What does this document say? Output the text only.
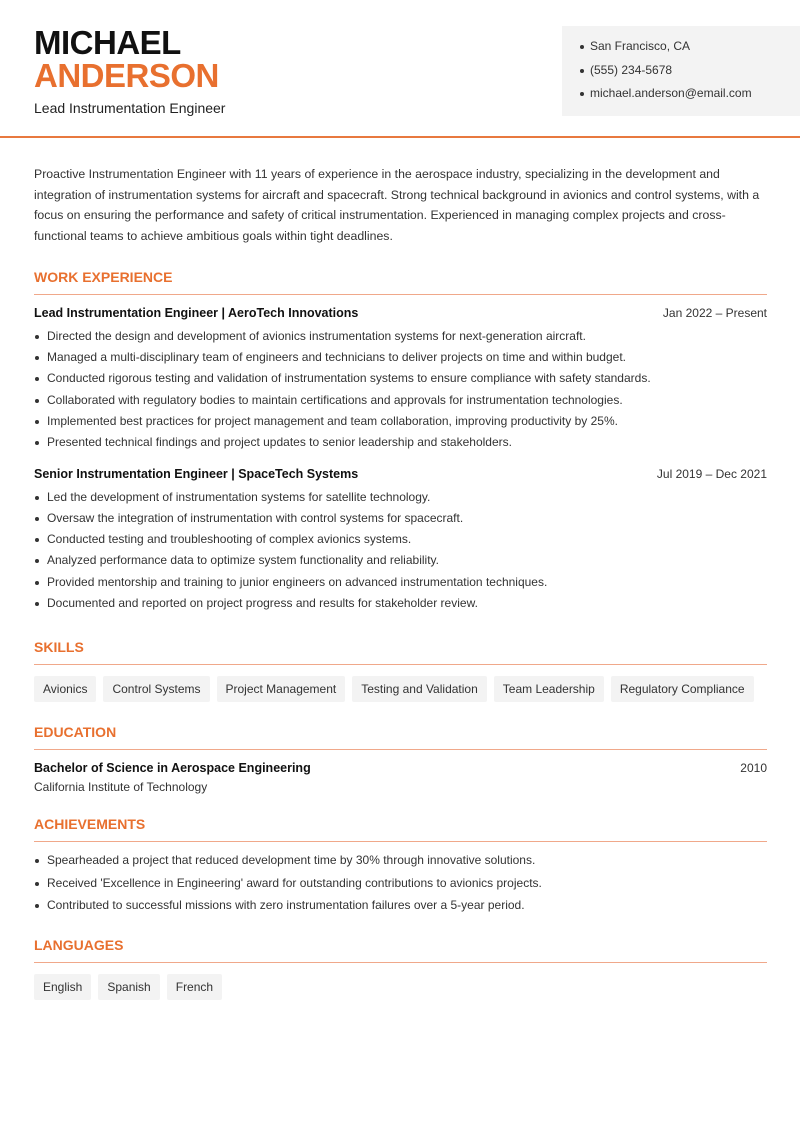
MICHAEL
ANDERSON
Lead Instrumentation Engineer
San Francisco, CA
(555) 234-5678
michael.anderson@email.com

Proactive Instrumentation Engineer with 11 years of experience in the aerospace industry, specializing in the development and integration of instrumentation systems for aircraft and spacecraft. Strong technical background in avionics and control systems, with a focus on ensuring the performance and safety of critical instrumentation. Experienced in managing complex projects and cross-functional teams to achieve ambitious goals within tight deadlines.

WORK EXPERIENCE
Lead Instrumentation Engineer | AeroTech Innovations	Jan 2022 – Present
Directed the design and development of avionics instrumentation systems for next-generation aircraft.
Managed a multi-disciplinary team of engineers and technicians to deliver projects on time and within budget.
Conducted rigorous testing and validation of instrumentation systems to ensure compliance with safety standards.
Collaborated with regulatory bodies to maintain certifications and approvals for instrumentation technologies.
Implemented best practices for project management and team collaboration, improving productivity by 25%.
Presented technical findings and project updates to senior leadership and stakeholders.
Senior Instrumentation Engineer | SpaceTech Systems	Jul 2019 – Dec 2021
Led the development of instrumentation systems for satellite technology.
Oversaw the integration of instrumentation with control systems for spacecraft.
Conducted testing and troubleshooting of complex avionics systems.
Analyzed performance data to optimize system functionality and reliability.
Provided mentorship and training to junior engineers on advanced instrumentation techniques.
Documented and reported on project progress and results for stakeholder review.
SKILLS
Avionics	Control Systems	Project Management	Testing and Validation	Team Leadership	Regulatory Compliance
EDUCATION
Bachelor of Science in Aerospace Engineering	2010
California Institute of Technology
ACHIEVEMENTS
Spearheaded a project that reduced development time by 30% through innovative solutions.
Received 'Excellence in Engineering' award for outstanding contributions to avionics projects.
Contributed to successful missions with zero instrumentation failures over a 5-year period.
LANGUAGES
English	Spanish	French
